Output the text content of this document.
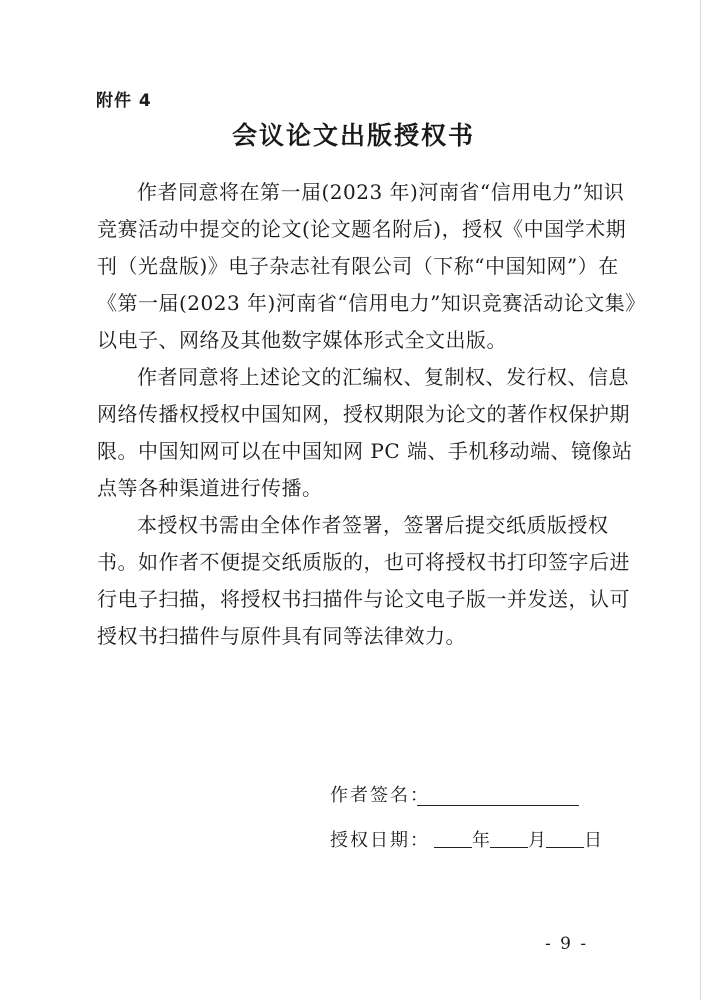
附件 4
会议论文出版授权书

作者同意将在第一届(2023 年)河南省“信用电力”知识
竞赛活动中提交的论文(论文题名附后)，授权《中国学术期
刊（光盘版)》电子杂志社有限公司（下称“中国知网”）在
《第一届(2023 年)河南省“信用电力”知识竞赛活动论文集》
以电子、网络及其他数字媒体形式全文出版。

作者同意将上述论文的汇编权、复制权、发行权、信息
网络传播权授权中国知网，授权期限为论文的著作权保护期
限。中国知网可以在中国知网 PC 端、手机移动端、镜像站
点等各种渠道进行传播。

本授权书需由全体作者签署，签署后提交纸质版授权
书。如作者不便提交纸质版的，也可将授权书打印签字后进
行电子扫描，将授权书扫描件与论文电子版一并发送，认可
授权书扫描件与原件具有同等法律效力。

作者签名：
授权日期： 年 月 日
- 9 -
